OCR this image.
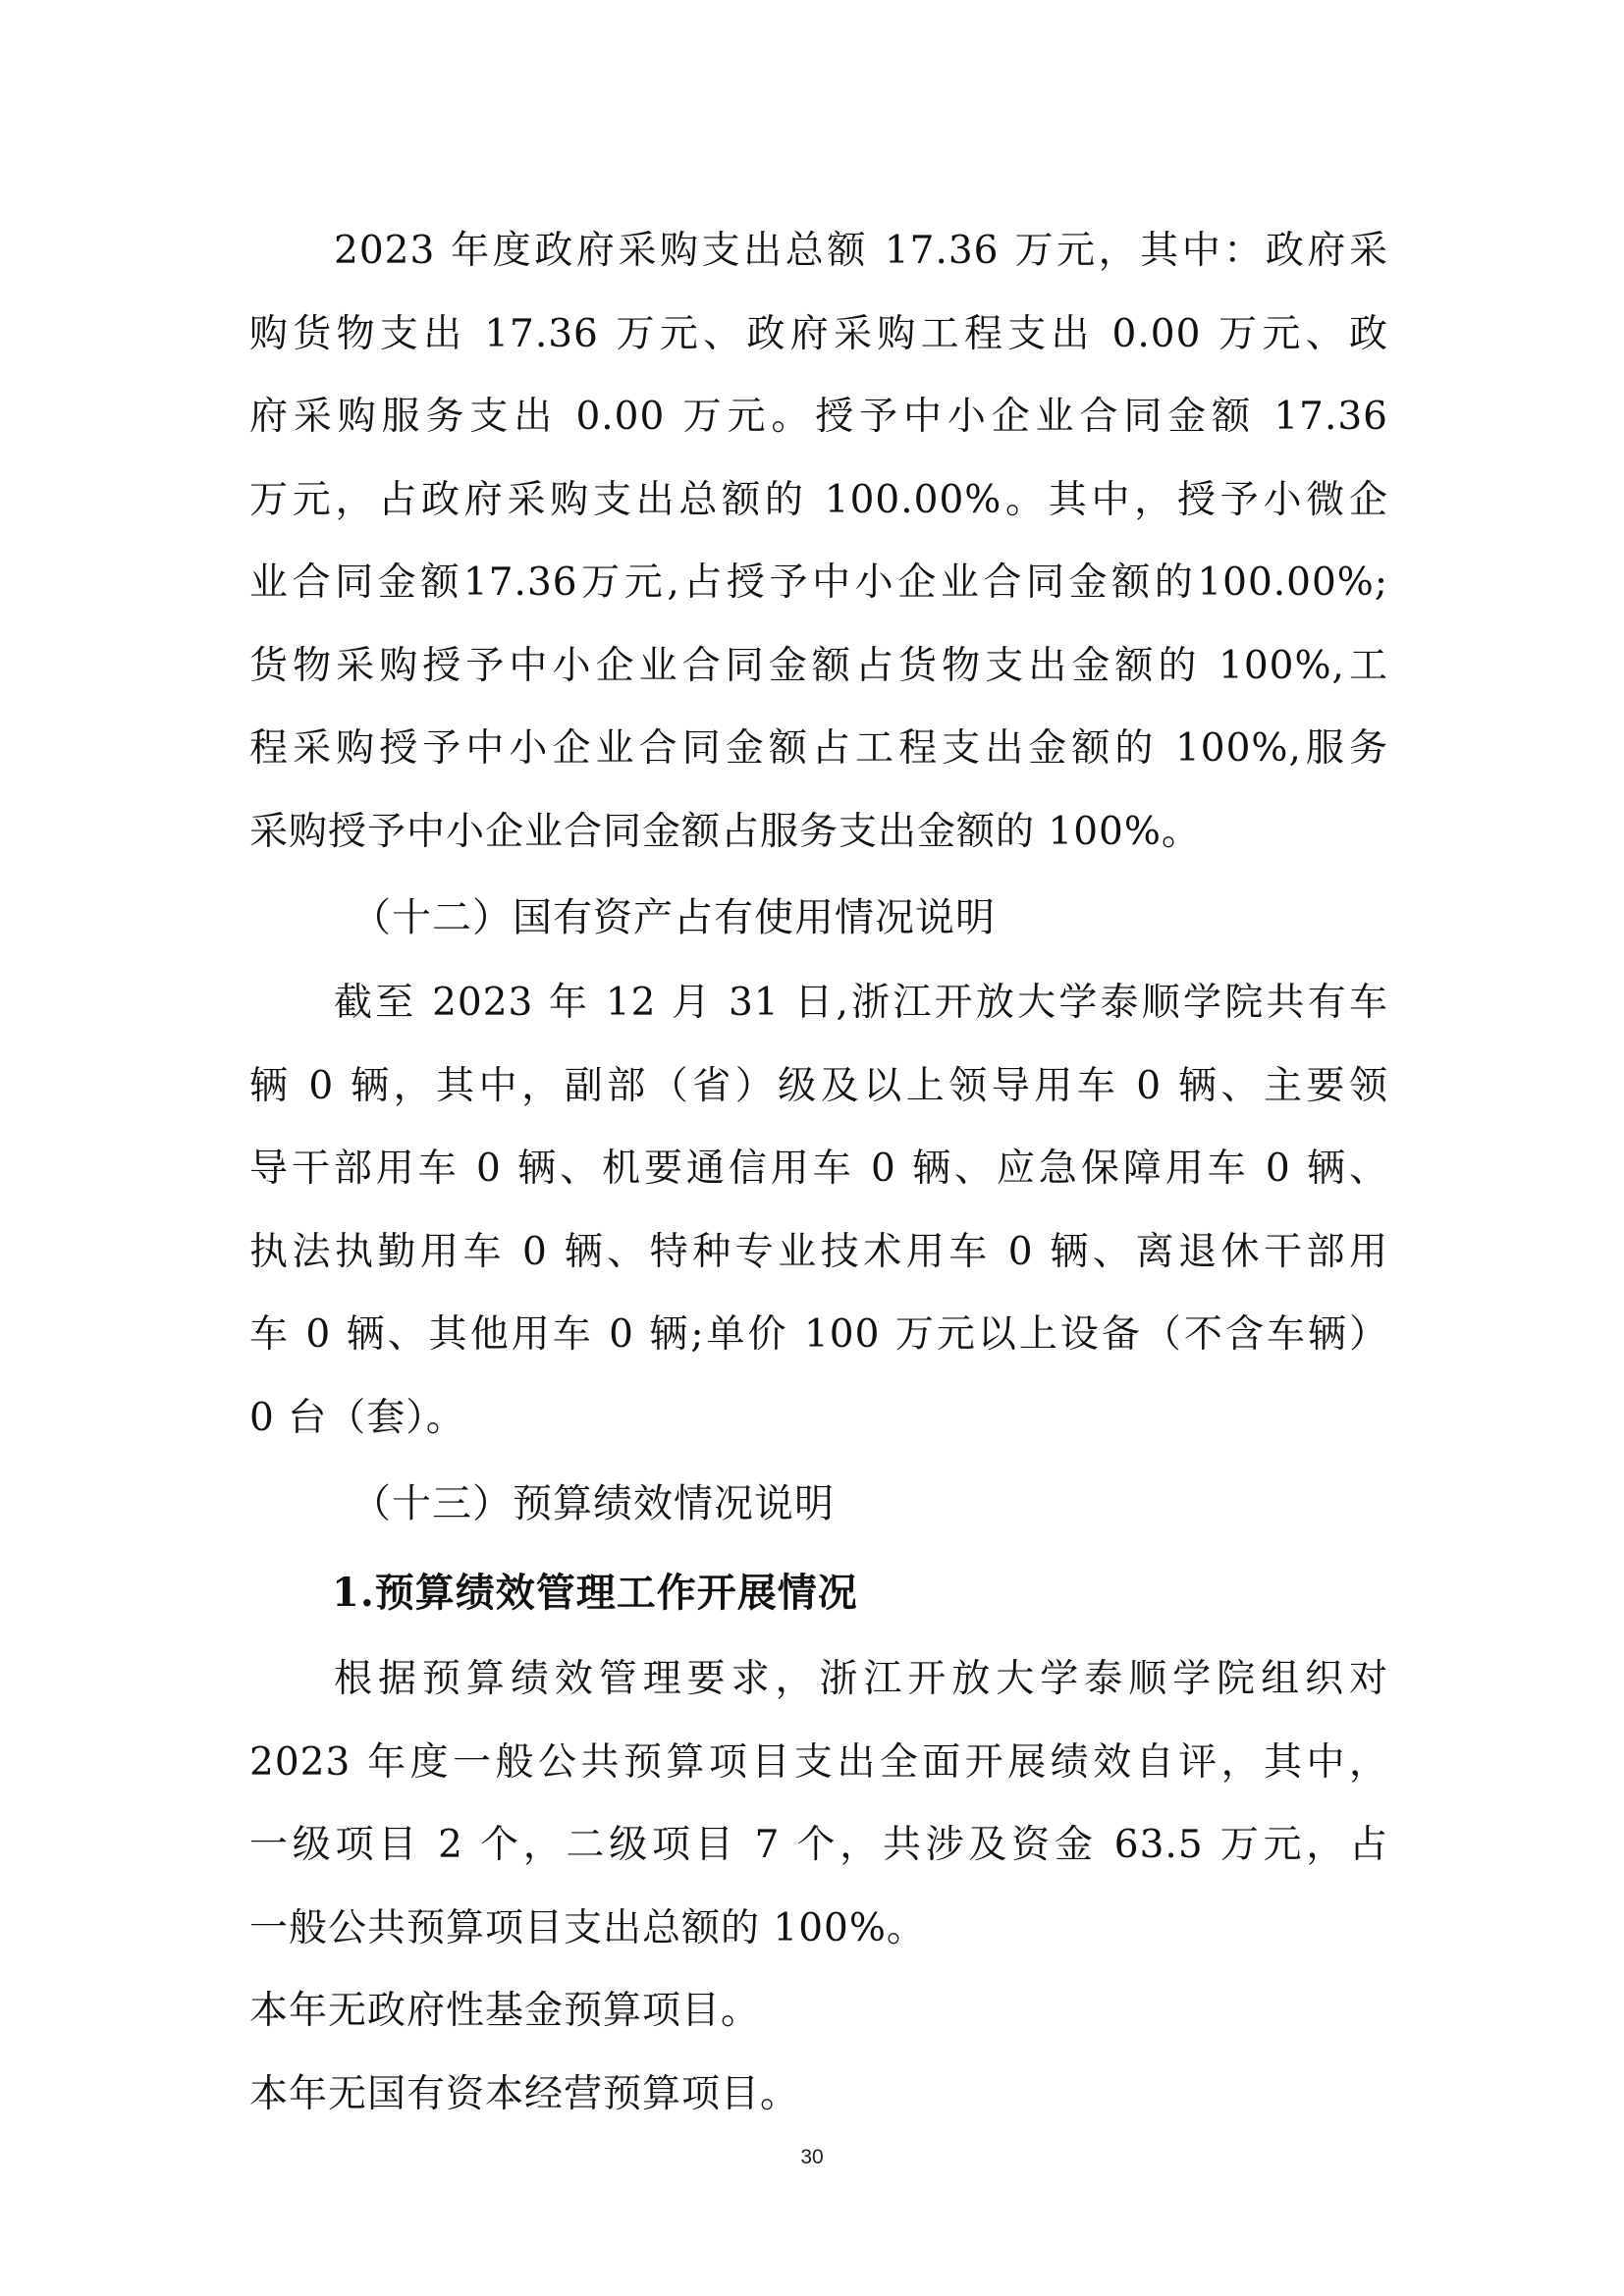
2023 年度政府采购支出总额 17.36 万元，其中：政府采
购货物支出 17.36 万元、政府采购工程支出 0.00 万元、政
府采购服务支出 0.00 万元。授予中小企业合同金额 17.36
万元，占政府采购支出总额的 100.00%。其中，授予小微企
业合同金额17.36万元,占授予中小企业合同金额的100.00%;
货物采购授予中小企业合同金额占货物支出金额的 100%,工
程采购授予中小企业合同金额占工程支出金额的 100%,服务
采购授予中小企业合同金额占服务支出金额的 100%。
（十二）国有资产占有使用情况说明
截至 2023 年 12 月 31 日,浙江开放大学泰顺学院共有车
辆 0 辆，其中，副部（省）级及以上领导用车 0 辆、主要领
导干部用车 0 辆、机要通信用车 0 辆、应急保障用车 0 辆、
执法执勤用车 0 辆、特种专业技术用车 0 辆、离退休干部用
车 0 辆、其他用车 0 辆;单价 100 万元以上设备（不含车辆）
0 台（套）。
（十三）预算绩效情况说明
1.预算绩效管理工作开展情况
根据预算绩效管理要求，浙江开放大学泰顺学院组织对
2023 年度一般公共预算项目支出全面开展绩效自评，其中，
一级项目 2 个，二级项目 7 个，共涉及资金 63.5 万元，占
一般公共预算项目支出总额的 100%。
本年无政府性基金预算项目。
本年无国有资本经营预算项目。
30
